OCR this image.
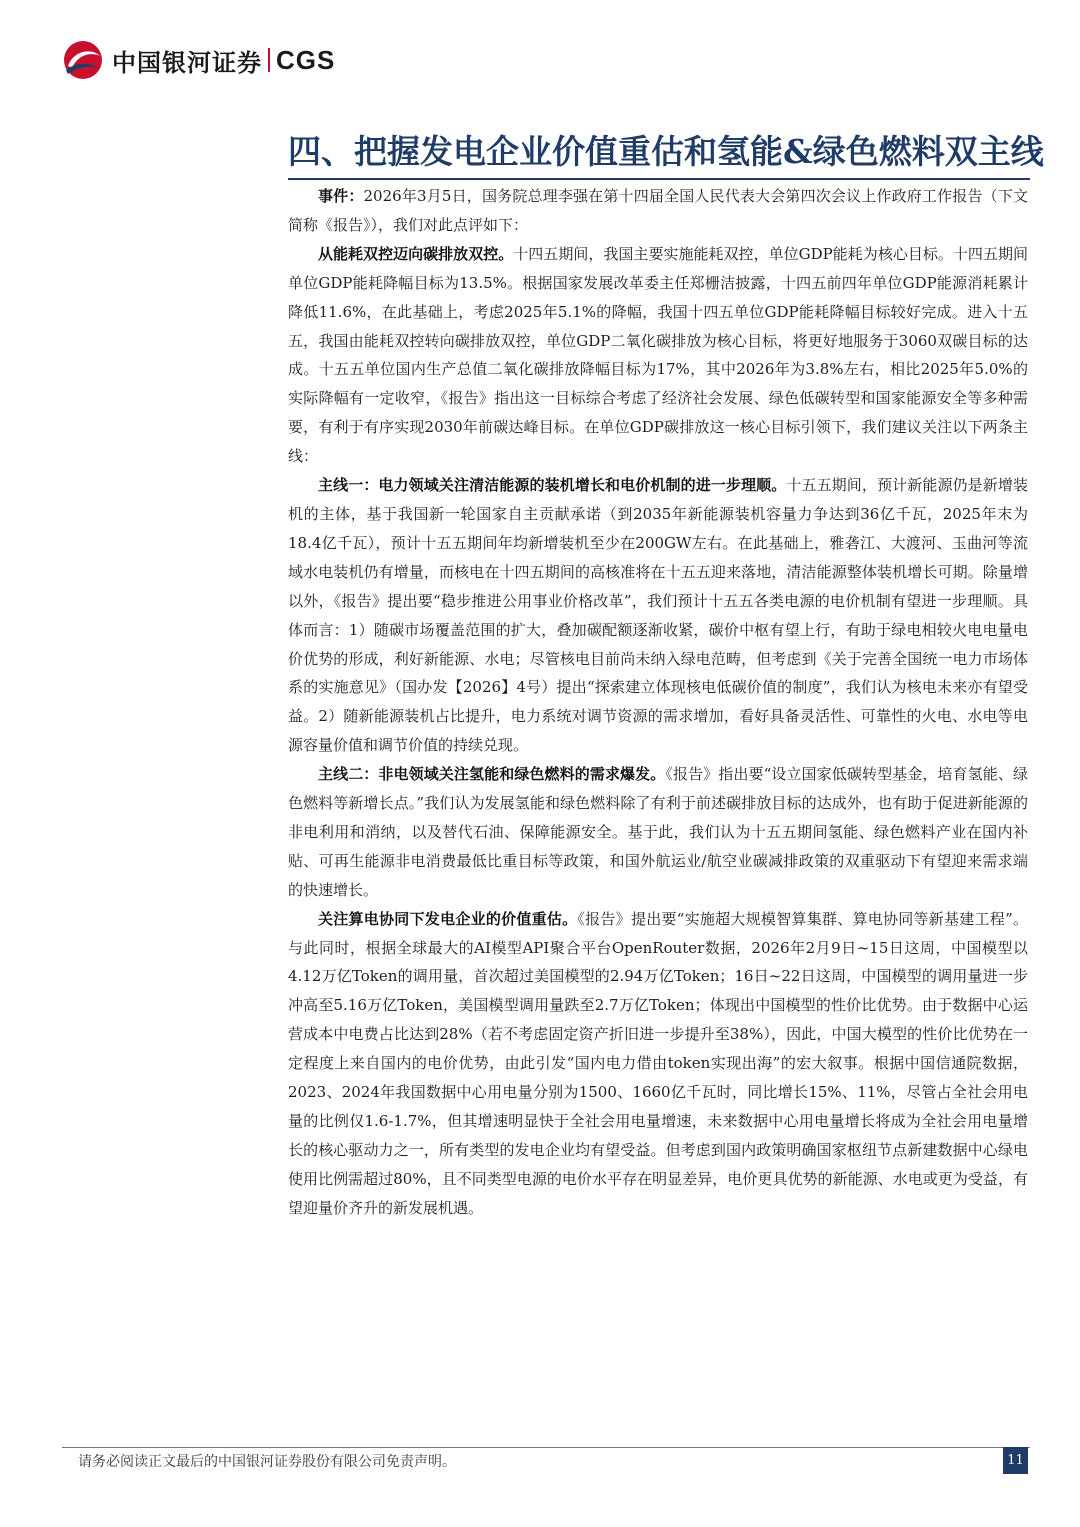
中国银河证券 CGS
四、把握发电企业价值重估和氢能&绿色燃料双主线

事件：2026年3月5日，国务院总理李强在第十四届全国人民代表大会第四次会议上作政府工作报告（下文简称《报告》），我们对此点评如下：

从能耗双控迈向碳排放双控。十四五期间，我国主要实施能耗双控，单位GDP能耗为核心目标。十四五期间单位GDP能耗降幅目标为13.5%。根据国家发展改革委主任郑栅洁披露，十四五前四年单位GDP能源消耗累计降低11.6%，在此基础上，考虑2025年5.1%的降幅，我国十四五单位GDP能耗降幅目标较好完成。进入十五五，我国由能耗双控转向碳排放双控，单位GDP二氧化碳排放为核心目标，将更好地服务于3060双碳目标的达成。十五五单位国内生产总值二氧化碳排放降幅目标为17%，其中2026年为3.8%左右，相比2025年5.0%的实际降幅有一定收窄，《报告》指出这一目标综合考虑了经济社会发展、绿色低碳转型和国家能源安全等多种需要，有利于有序实现2030年前碳达峰目标。在单位GDP碳排放这一核心目标引领下，我们建议关注以下两条主线：

主线一：电力领域关注清洁能源的装机增长和电价机制的进一步理顺。十五五期间，预计新能源仍是新增装机的主体，基于我国新一轮国家自主贡献承诺（到2035年新能源装机容量力争达到36亿千瓦，2025年末为18.4亿千瓦），预计十五五期间年均新增装机至少在200GW左右。在此基础上，雅砻江、大渡河、玉曲河等流域水电装机仍有增量，而核电在十四五期间的高核准将在十五五迎来落地，清洁能源整体装机增长可期。除量增以外，《报告》提出要“稳步推进公用事业价格改革”，我们预计十五五各类电源的电价机制有望进一步理顺。具体而言：1）随碳市场覆盖范围的扩大，叠加碳配额逐渐收紧，碳价中枢有望上行，有助于绿电相较火电电量电价优势的形成，利好新能源、水电；尽管核电目前尚未纳入绿电范畴，但考虑到《关于完善全国统一电力市场体系的实施意见》（国办发【2026】4号）提出“探索建立体现核电低碳价值的制度”，我们认为核电未来亦有望受益。2）随新能源装机占比提升，电力系统对调节资源的需求增加，看好具备灵活性、可靠性的火电、水电等电源容量价值和调节价值的持续兑现。

主线二：非电领域关注氢能和绿色燃料的需求爆发。《报告》指出要“设立国家低碳转型基金，培育氢能、绿色燃料等新增长点。”我们认为发展氢能和绿色燃料除了有利于前述碳排放目标的达成外，也有助于促进新能源的非电利用和消纳，以及替代石油、保障能源安全。基于此，我们认为十五五期间氢能、绿色燃料产业在国内补贴、可再生能源非电消费最低比重目标等政策，和国外航运业/航空业碳减排政策的双重驱动下有望迎来需求端的快速增长。

关注算电协同下发电企业的价值重估。《报告》提出要“实施超大规模智算集群、算电协同等新基建工程”。与此同时，根据全球最大的AI模型API聚合平台OpenRouter数据，2026年2月9日~15日这周，中国模型以4.12万亿Token的调用量，首次超过美国模型的2.94万亿Token；16日~22日这周，中国模型的调用量进一步冲高至5.16万亿Token，美国模型调用量跌至2.7万亿Token；体现出中国模型的性价比优势。由于数据中心运营成本中电费占比达到28%（若不考虑固定资产折旧进一步提升至38%），因此，中国大模型的性价比优势在一定程度上来自国内的电价优势，由此引发“国内电力借由token实现出海”的宏大叙事。根据中国信通院数据，2023、2024年我国数据中心用电量分别为1500、1660亿千瓦时，同比增长15%、11%，尽管占全社会用电量的比例仅1.6-1.7%，但其增速明显快于全社会用电量增速，未来数据中心用电量增长将成为全社会用电量增长的核心驱动力之一，所有类型的发电企业均有望受益。但考虑到国内政策明确国家枢纽节点新建数据中心绿电使用比例需超过80%，且不同类型电源的电价水平存在明显差异，电价更具优势的新能源、水电或更为受益，有望迎量价齐升的新发展机遇。

请务必阅读正文最后的中国银河证券股份有限公司免责声明。	11
